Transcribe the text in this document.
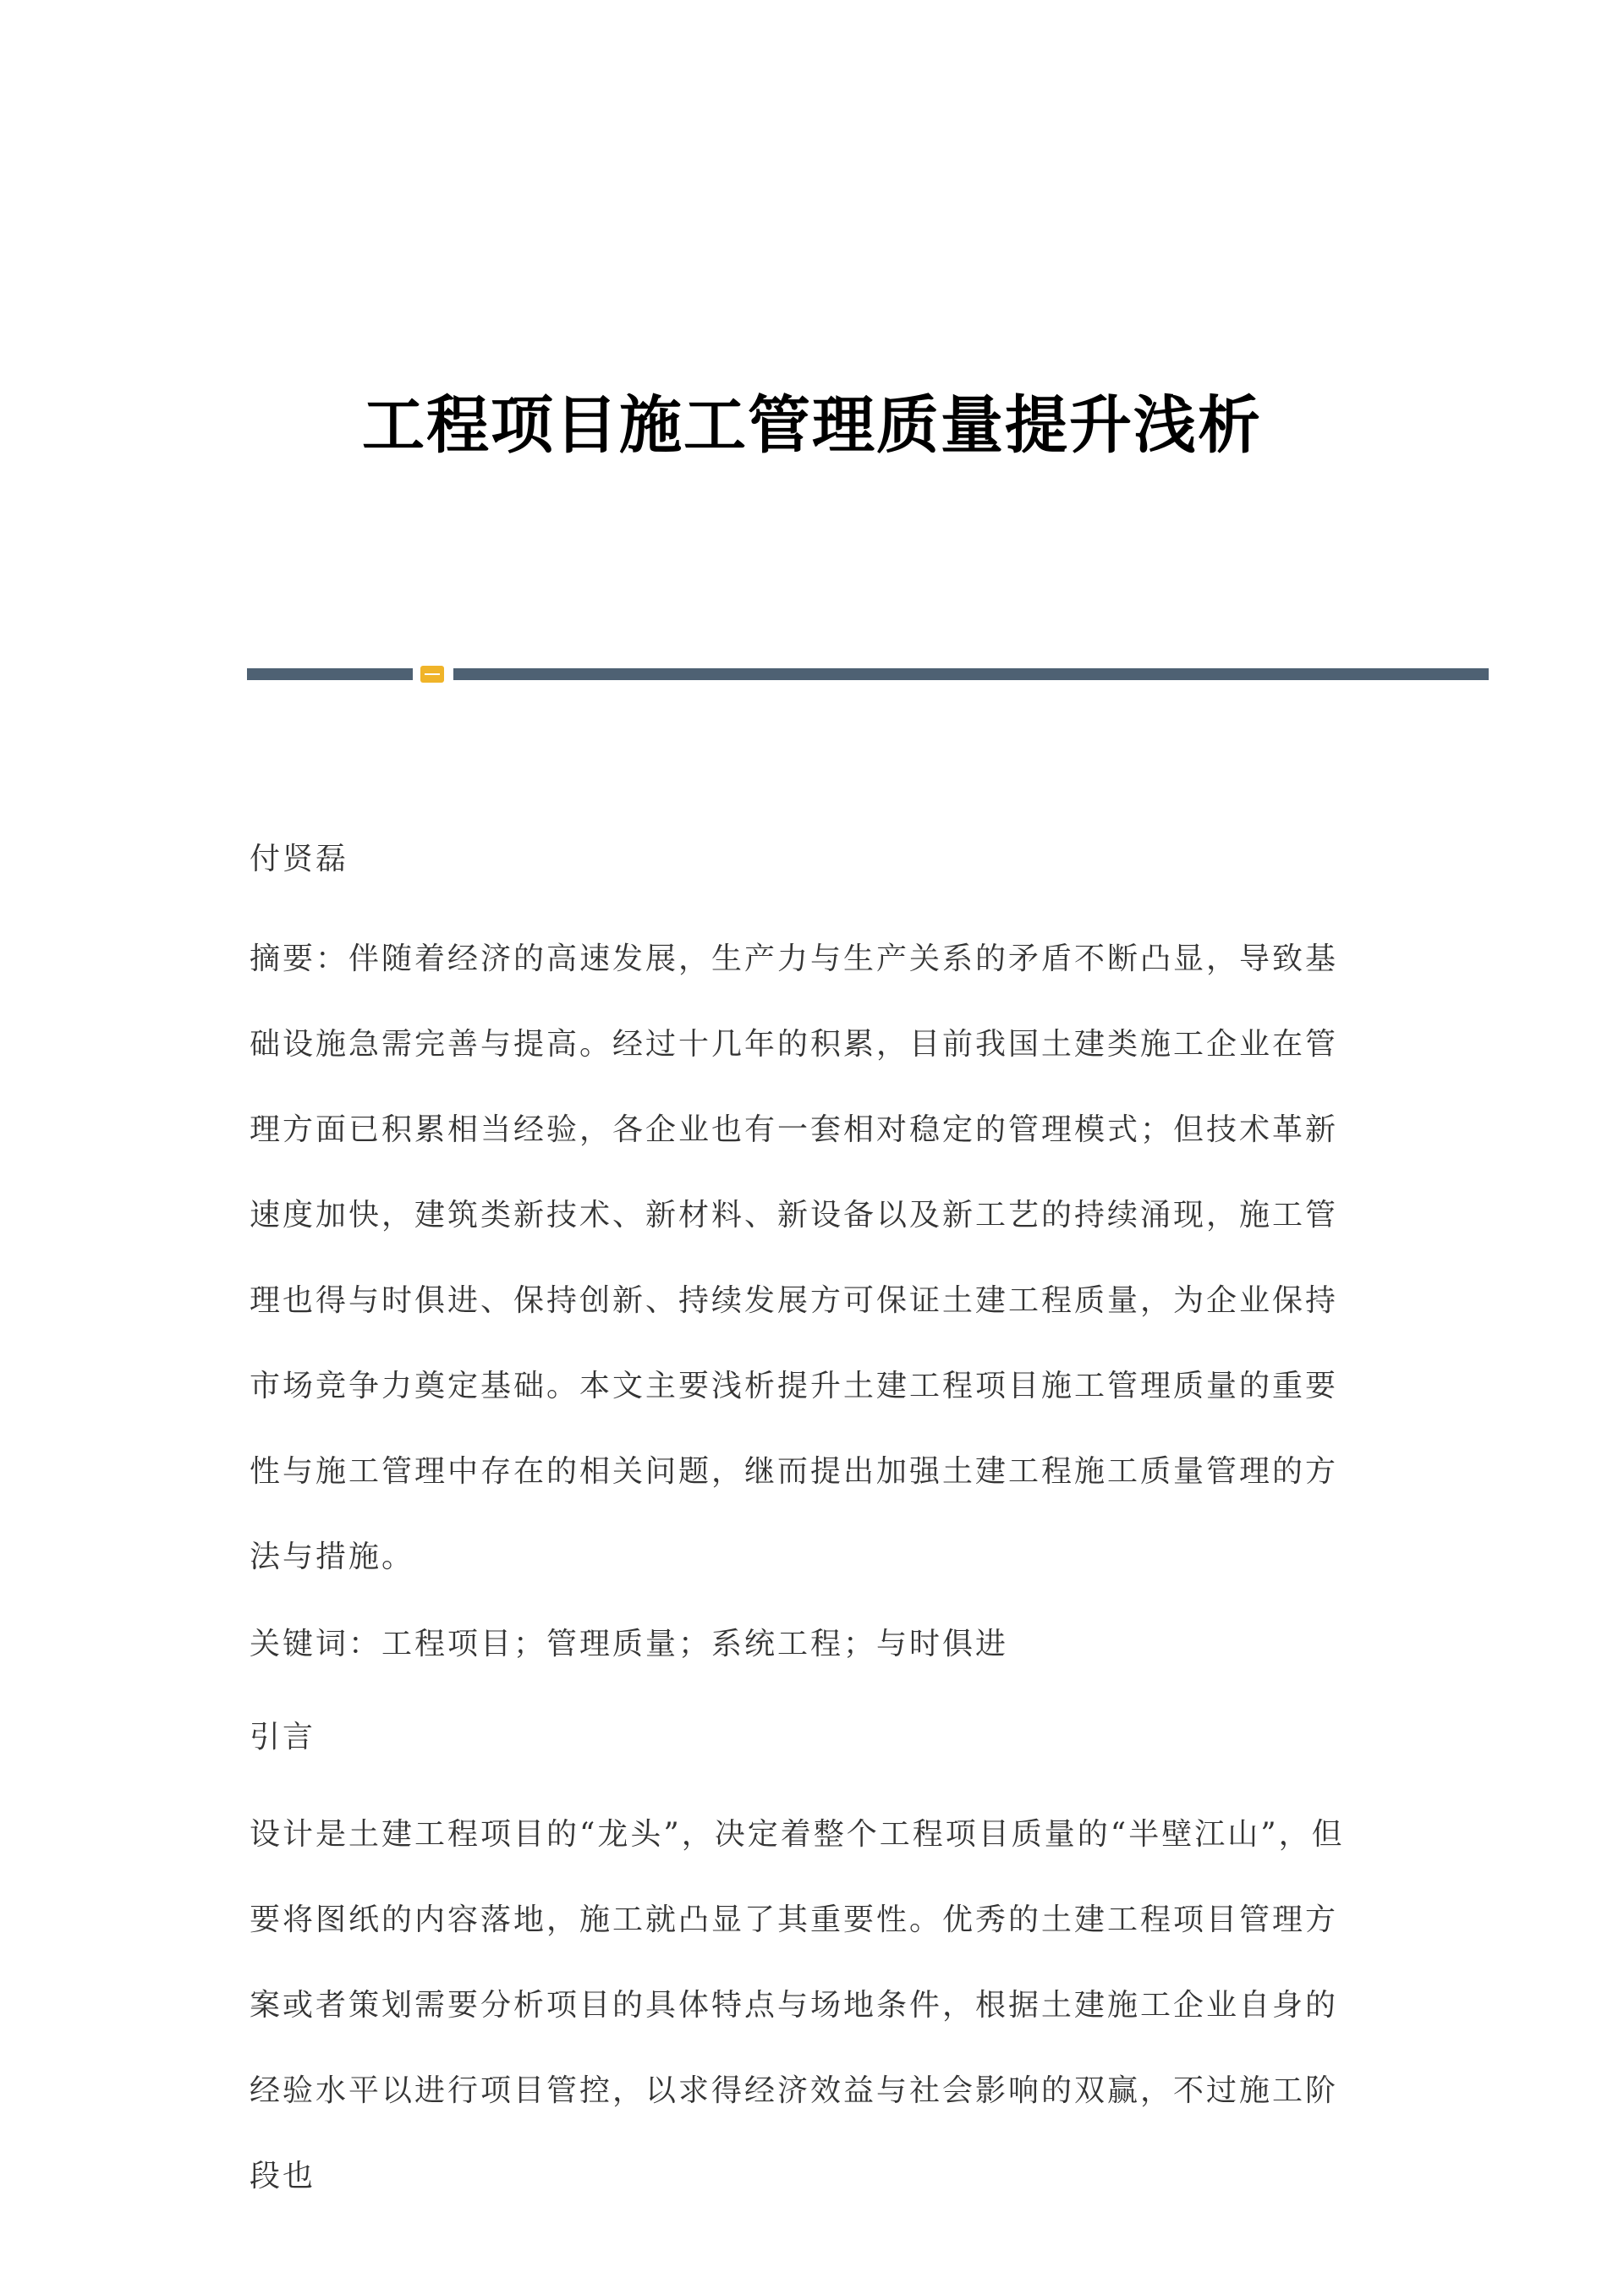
工程项目施工管理质量提升浅析

付贤磊

摘要：伴随着经济的高速发展，生产力与生产关系的矛盾不断凸显，导致基础设施急需完善与提高。经过十几年的积累，目前我国土建类施工企业在管理方面已积累相当经验，各企业也有一套相对稳定的管理模式；但技术革新速度加快，建筑类新技术、新材料、新设备以及新工艺的持续涌现，施工管理也得与时俱进、保持创新、持续发展方可保证土建工程质量，为企业保持市场竞争力奠定基础。本文主要浅析提升土建工程项目施工管理质量的重要性与施工管理中存在的相关问题，继而提出加强土建工程施工质量管理的方法与措施。

关键词：工程项目；管理质量；系统工程；与时俱进

引言

设计是土建工程项目的“龙头”，决定着整个工程项目质量的“半壁江山”，但要将图纸的内容落地，施工就凸显了其重要性。优秀的土建工程项目管理方案或者策划需要分析项目的具体特点与场地条件，根据土建施工企业自身的经验水平以进行项目管控，以求得经济效益与社会影响的双赢，不过施工阶段也
